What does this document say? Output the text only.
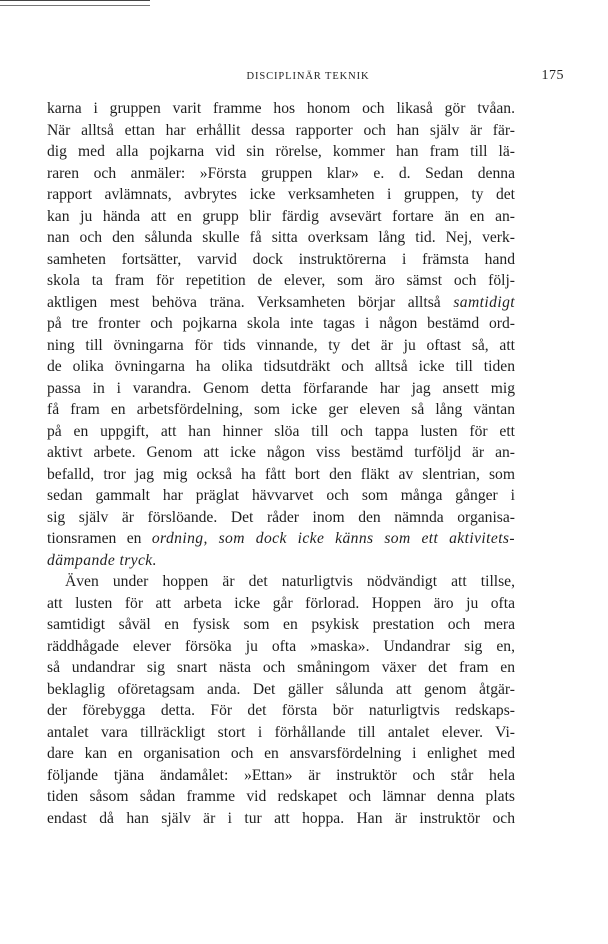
DISCIPLINÄR TEKNIK	175
karna i gruppen varit framme hos honom och likaså gör tvåan.
När alltså ettan har erhållit dessa rapporter och han själv är fär-
dig med alla pojkarna vid sin rörelse, kommer han fram till lä-
raren och anmäler: »Första gruppen klar» e. d. Sedan denna
rapport avlämnats, avbrytes icke verksamheten i gruppen, ty det
kan ju hända att en grupp blir färdig avsevärt fortare än en an-
nan och den sålunda skulle få sitta overksam lång tid. Nej, verk-
samheten fortsätter, varvid dock instruktörerna i främsta hand
skola ta fram för repetition de elever, som äro sämst och följ-
aktligen mest behöva träna. Verksamheten börjar alltså samtidigt
på tre fronter och pojkarna skola inte tagas i någon bestämd ord-
ning till övningarna för tids vinnande, ty det är ju oftast så, att
de olika övningarna ha olika tidsutdräkt och alltså icke till tiden
passa in i varandra. Genom detta förfarande har jag ansett mig
få fram en arbetsfördelning, som icke ger eleven så lång väntan
på en uppgift, att han hinner slöa till och tappa lusten för ett
aktivt arbete. Genom att icke någon viss bestämd turföljd är an-
befalld, tror jag mig också ha fått bort den fläkt av slentrian, som
sedan gammalt har präglat hävvarvet och som många gånger i
sig själv är förslöande. Det råder inom den nämnda organisa-
tionsramen en ordning, som dock icke känns som ett aktivitets-
dämpande tryck.
Även under hoppen är det naturligtvis nödvändigt att tillse,
att lusten för att arbeta icke går förlorad. Hoppen äro ju ofta
samtidigt såväl en fysisk som en psykisk prestation och mera
räddhågade elever försöka ju ofta »maska». Undandrar sig en,
så undandrar sig snart nästa och småningom växer det fram en
beklaglig oföretagsam anda. Det gäller sålunda att genom åtgär-
der förebygga detta. För det första bör naturligtvis redskaps-
antalet vara tillräckligt stort i förhållande till antalet elever. Vi-
dare kan en organisation och en ansvarsfördelning i enlighet med
följande tjäna ändamålet: »Ettan» är instruktör och står hela
tiden såsom sådan framme vid redskapet och lämnar denna plats
endast då han själv är i tur att hoppa. Han är instruktör och
